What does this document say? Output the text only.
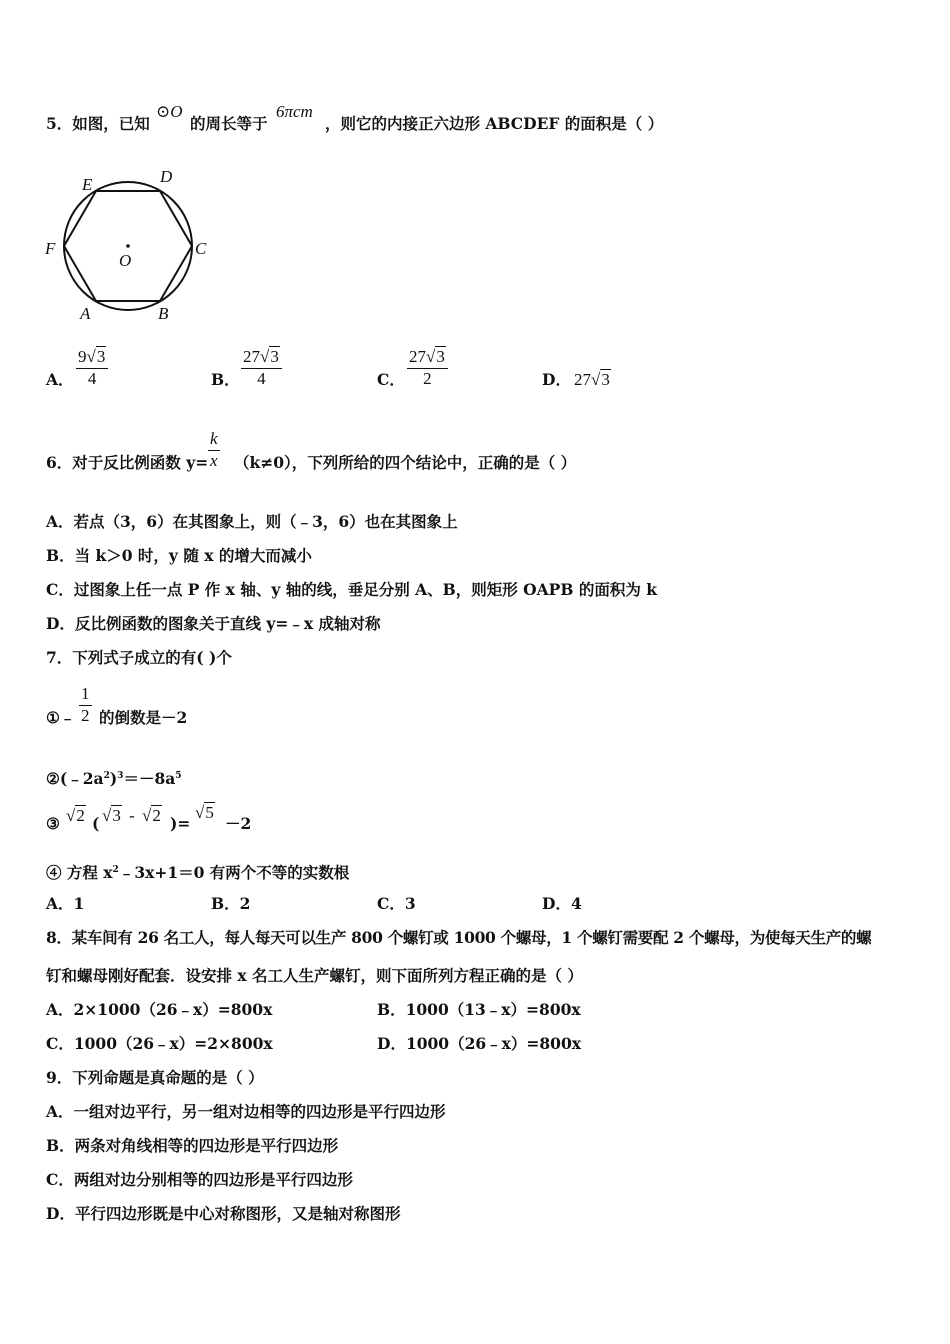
5．如图，已知
⊙O
的周长等于
6πcm
，则它的内接正六边形 ABCDEF 的面积是（ ）
E	D
F	C
O
A	B
A． $\frac{9√3}{4}$	B． $\frac{27√3}{4}$	C． $\frac{27√3}{2}$	D． 27√3
6．对于反比例函数 $y= \frac{k}{x} (k\ne 0)$，下列所给的四个结论中，正确的是（ ）
A．若点（3，6）在其图象上，则（﹣3，6）也在其图象上
B．当 k＞0 时，y 随 x 的增大而减小
C．过图象上任一点 P 作 x 轴、y 轴的线，垂足分别 A、B，则矩形 OAPB 的面积为 k
D．反比例函数的图象关于直线 y=﹣x 成轴对称
7．下列式子成立的有( )个
①﹣ $\frac{1}{2}$ 的倒数是－2
$②(﹣2a^2)^3=-8a^5$
③ √2 ( √3 - √2 )=
√5
－2
④ 方程 $x^2﹣3x+1=0$ 有两个不等的实数根
A．1	B．2	C．3	D．4
8．某车间有 26 名工人，每人每天可以生产 800 个螺钉或 1000 个螺母，1 个螺钉需要配 2 个螺母，为使每天生产的螺
钉和螺母刚好配套．设安排 x 名工人生产螺钉，则下面所列方程正确的是（ ）
A．2×1000（26﹣x）=800x	B．1000（13﹣x）=800x
C．1000（26﹣x）=2×800x	D．1000（26﹣x）=800x
9．下列命题是真命题的是（ ）
A．一组对边平行，另一组对边相等的四边形是平行四边形
B．两条对角线相等的四边形是平行四边形
C．两组对边分别相等的四边形是平行四边形
D．平行四边形既是中心对称图形，又是轴对称图形
